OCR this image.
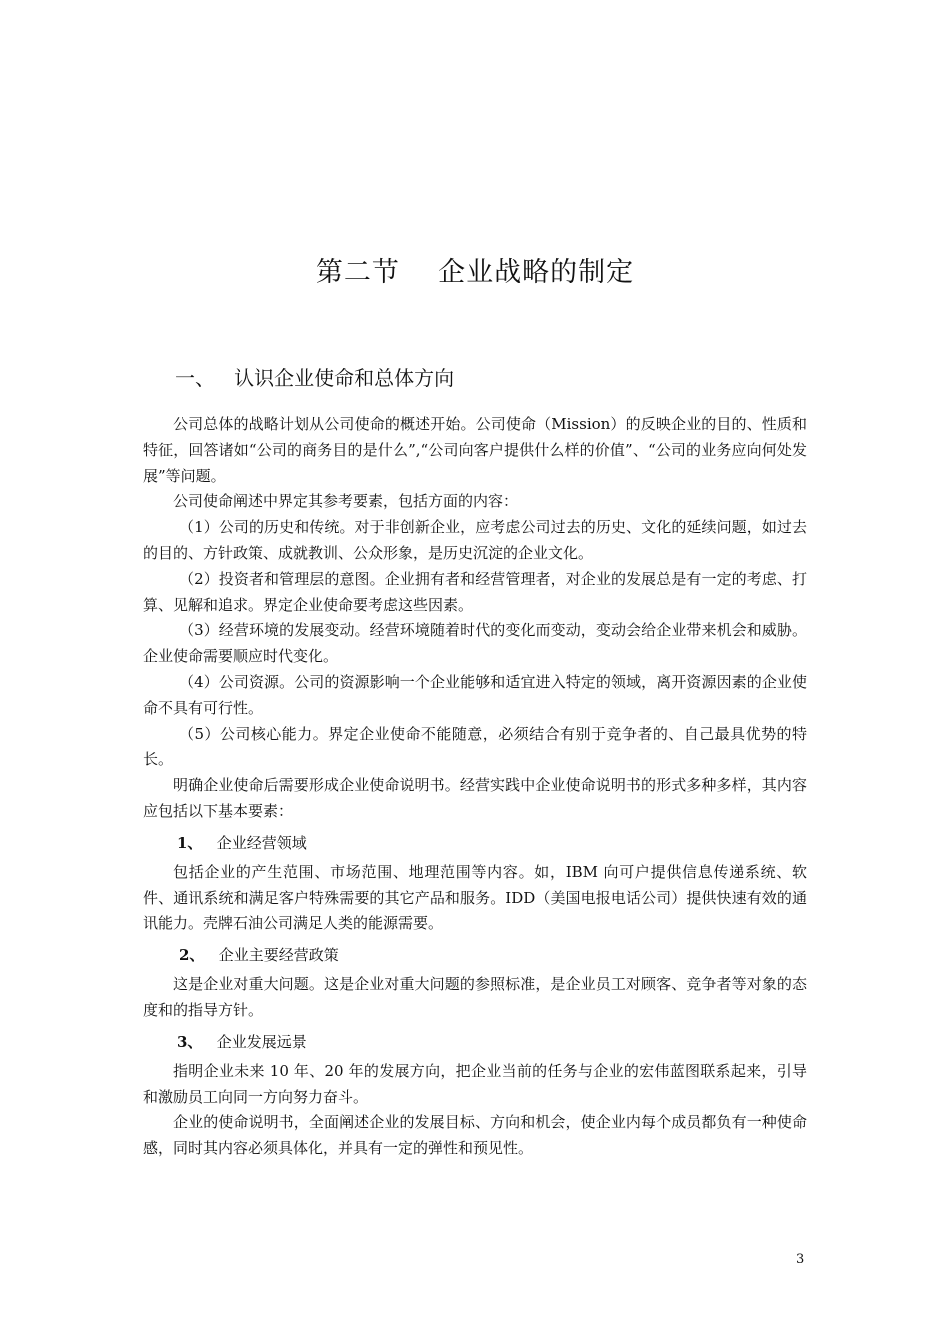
第二节    企业战略的制定
一、   认识企业使命和总体方向

公司总体的战略计划从公司使命的概述开始。公司使命（Mission）的反映企业的目的、性质和特征，回答诸如“公司的商务目的是什么”,“公司向客户提供什么样的价值”、“公司的业务应向何处发展”等问题。

公司使命阐述中界定其参考要素，包括方面的内容：

（1）公司的历史和传统。对于非创新企业，应考虑公司过去的历史、文化的延续问题，如过去的目的、方针政策、成就教训、公众形象，是历史沉淀的企业文化。

（2）投资者和管理层的意图。企业拥有者和经营管理者，对企业的发展总是有一定的考虑、打算、见解和追求。界定企业使命要考虑这些因素。

（3）经营环境的发展变动。经营环境随着时代的变化而变动，变动会给企业带来机会和威胁。企业使命需要顺应时代变化。

（4）公司资源。公司的资源影响一个企业能够和适宜进入特定的领域，离开资源因素的企业使命不具有可行性。

（5）公司核心能力。界定企业使命不能随意，必须结合有别于竞争者的、自己最具优势的特长。

明确企业使命后需要形成企业使命说明书。经营实践中企业使命说明书的形式多种多样，其内容应包括以下基本要素：

1、 企业经营领域

包括企业的产生范围、市场范围、地理范围等内容。如，IBM 向可户提供信息传递系统、软件、通讯系统和满足客户特殊需要的其它产品和服务。IDD（美国电报电话公司）提供快速有效的通讯能力。壳牌石油公司满足人类的能源需要。

2、 企业主要经营政策

这是企业对重大问题。这是企业对重大问题的参照标准，是企业员工对顾客、竞争者等对象的态度和的指导方针。

3、 企业发展远景

指明企业未来 10 年、20 年的发展方向，把企业当前的任务与企业的宏伟蓝图联系起来，引导和激励员工向同一方向努力奋斗。

企业的使命说明书，全面阐述企业的发展目标、方向和机会，使企业内每个成员都负有一种使命感，同时其内容必须具体化，并具有一定的弹性和预见性。

3
